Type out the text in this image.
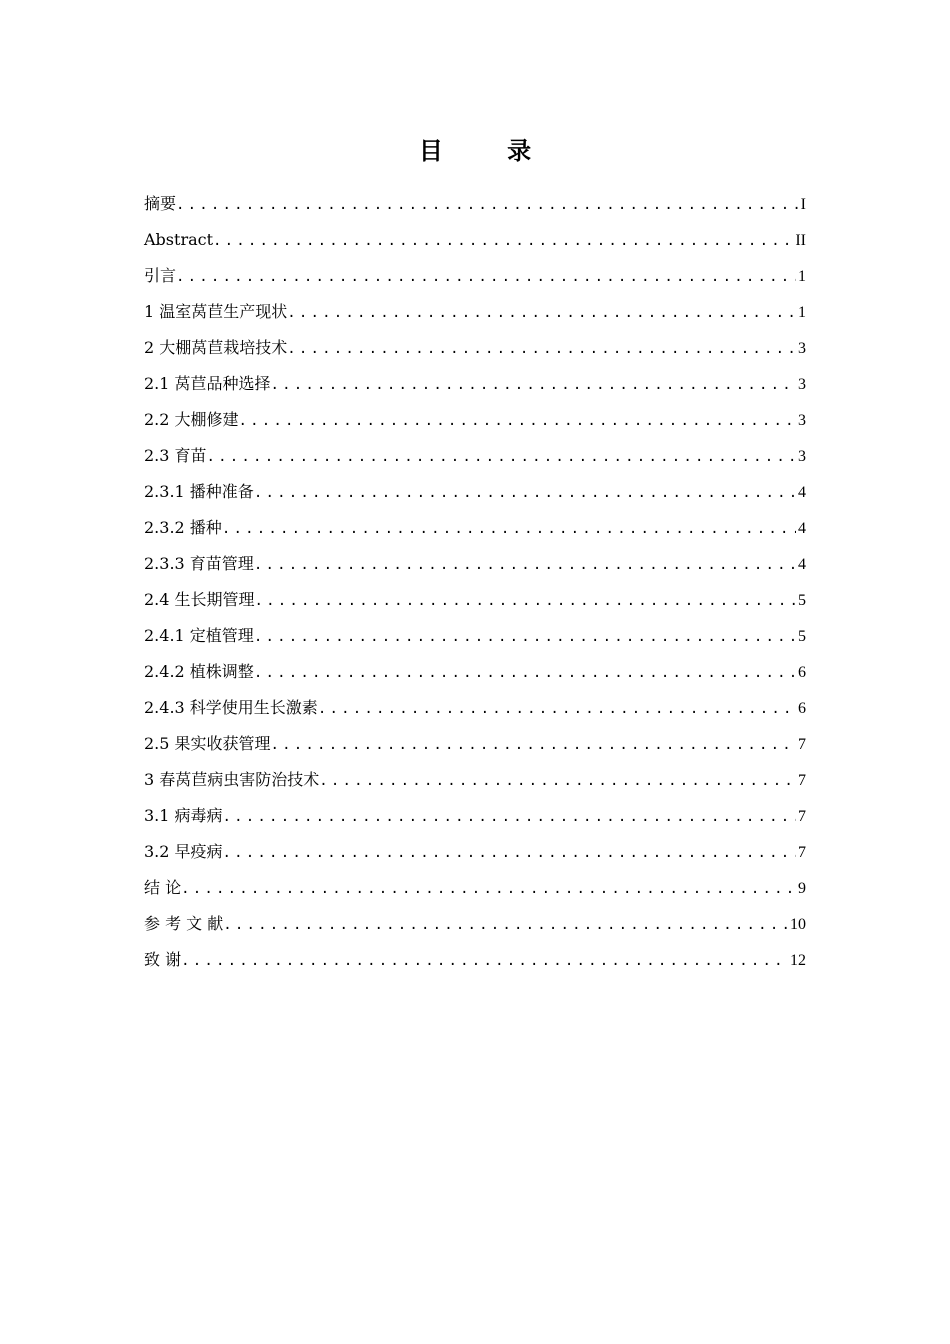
目 录
摘要 .....	I
Abstract .....	II
引言 .....	1
1 温室莴苣生产现状 .....	1
2 大棚莴苣栽培技术 .....	3
2.1 莴苣品种选择 .....	3
2.2 大棚修建 .....	3
2.3 育苗 .....	3
2.3.1 播种准备 .....	4
2.3.2 播种 .....	4
2.3.3 育苗管理 .....	4
2.4 生长期管理 .....	5
2.4.1 定植管理 .....	5
2.4.2 植株调整 .....	6
2.4.3 科学使用生长激素 .....	6
2.5 果实收获管理 .....	7
3 春莴苣病虫害防治技术 .....	7
3.1 病毒病 .....	7
3.2 早疫病 .....	7
结 论 .....	9
参 考 文 献 .....	10
致 谢 .....	12
